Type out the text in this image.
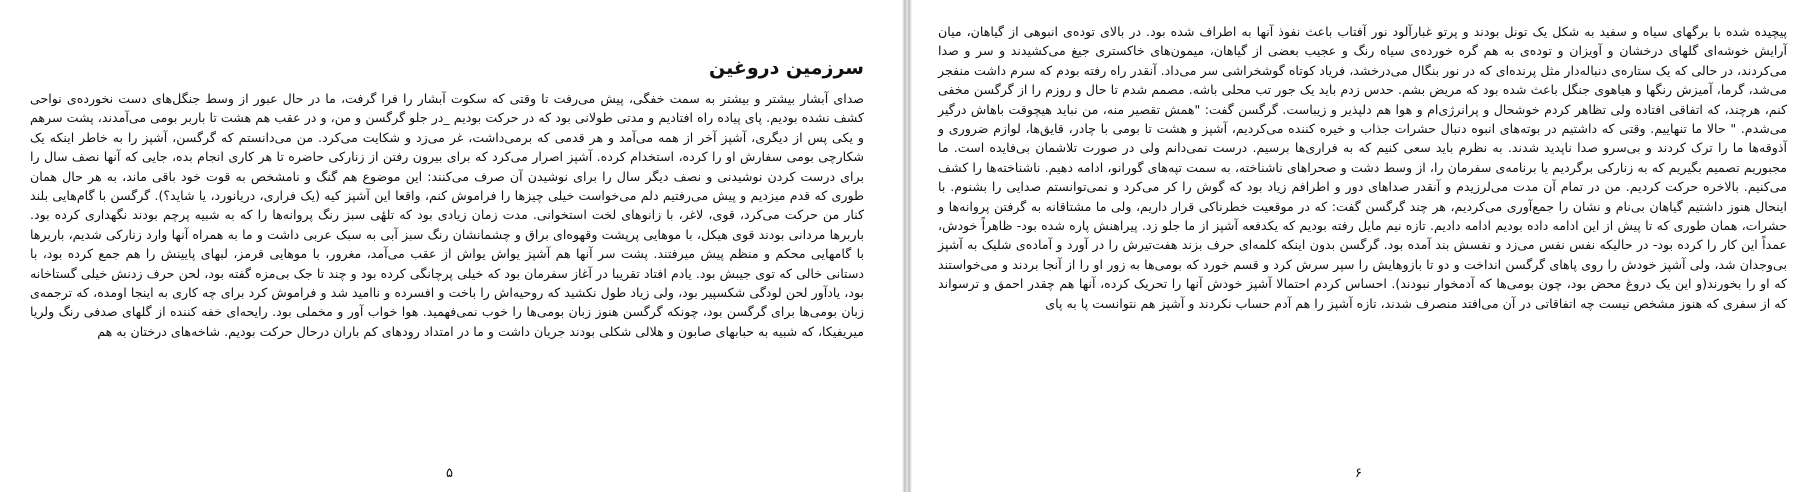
سرزمین دروغین

صدای آبشار بیشتر و بیشتر به سمت خفگی، پیش می‌رفت تا وقتی که سکوت آبشار را فرا گرفت، ما در حال عبور از وسط جنگل‌های دست نخورده‌ی نواحی کشف نشده بودیم. پای پیاده راه افتادیم و مدتی طولانی بود که در حرکت بودیم _در جلو گرگسن و من، و در عقب هم هشت تا باربر بومی می‌آمدند، پشت سرهم و یکی پس از دیگری، آشپز آخر از همه می‌آمد و هر قدمی که برمی‌داشت، غر می‌زد و شکایت می‌کرد. من می‌دانستم که گرگسن، آشپز را به خاطر اینکه یک شکارچی بومی سفارش او را کرده، استخدام کرده. آشپز اصرار می‌کرد که برای بیرون رفتن از زنارکی حاضره تا هر کاری انجام بده، جایی که آنها نصف سال را برای درست کردن نوشیدنی و نصف دیگر سال را برای نوشیدن آن صرف می‌کنند: این موضوع هم گنگ و نامشخص به قوت خود باقی ماند، به هر حال همان طوری که قدم میزدیم و پیش می‌رفتیم دلم می‌خواست خیلی چیزها را فراموش کنم، واقعا این آشپز کیه (یک فراری، دریانورد، یا شاید؟). گرگسن با گام‌هایی بلند کنار من حرکت می‌کرد، قوی، لاغر، با زانوهای لخت استخوانی. مدت زمان زیادی بود که تلهٔی سبز رنگ پروانه‌ها را که به شبیه پرچم بودند نگهداری کرده بود. باربرها مردانی بودند قوی هیکل، با موهایی پرپشت وقهوه‌ای براق و چشمانشان رنگ سبز آبی به سبک عربی داشت و ما به همراه آنها وارد زنارکی شدیم، باربرها با گامهایی محکم و منظم پیش میرفتند. پشت سر آنها هم آشپز یواش یواش از عقب می‌آمد، مغرور، با موهایی قرمز، لبهای پایینش را هم جمع کرده بود، با دستانی خالی که توی جیبش بود. یادم افتاد تقریبا در آغاز سفرمان بود که خیلی پرچانگی کرده بود و چند تا جک بی‌مزه گفته بود، لحن حرف زدنش خیلی گستاخانه بود، یادآور لحن لودگی شکسپیر بود، ولی زیاد طول نکشید که روحیه‌اش را باخت و افسرده و ناامید شد و فراموش کرد برای چه کاری به اینجا اومده، که ترجمه‌ی زبان بومی‌ها برای گرگسن بود، چونکه گرگسن هنوز زبان بومی‌ها را خوب نمی‌فهمید. هوا خواب آور و مخملی بود. رایحه‌ای خفه کننده از گلهای صدفی رنگ ولریا میریفیکا، که شبیه به حبابهای صابون و هلالی شکلی بودند جریان داشت و ما در امتداد رودهای کم باران درحال حرکت بودیم. شاخه‌های درختان به هم

۵

پیچیده شده با برگهای سیاه و سفید به شکل یک تونل بودند و پرتو غبارآلود نور آفتاب باعث نفوذ آنها به اطراف شده بود. در بالای توده‌ی انبوهی از گیاهان، میان آرایش خوشه‌ای گلهای درخشان و آویزان و توده‌ی به هم گره خورده‌ی سیاه رنگ و عجیب بعضی از گیاهان، میمون‌های خاکستری جیغ می‌کشیدند و سر و صدا می‌کردند، در حالی که یک ستاره‌ی دنباله‌دار مثل پرنده‌ای که در نور بنگال می‌درخشد، فریاد کوتاه گوشخراشی سر می‌داد. آنقدر راه رفته بودم که سرم داشت منفجر می‌شد، گرما، آمیزش رنگها و هیاهوی جنگل باعث شده بود که مریض بشم. حدس زدم باید یک جور تب محلی باشه. مصمم شدم تا حال و روزم را از گرگسن مخفی کنم، هرچند، که اتفاقی افتاده ولی تظاهر کردم خوشحال و پرانرژی‌ام و هوا هم دلپذیر و زیباست. گرگسن گفت: "همش تقصیر منه، من نباید هیچوقت باهاش درگیر می‌شدم. " حالا ما تنهاییم. وقتی که داشتیم در بوته‌های انبوه دنبال حشرات جذاب و خیره کننده می‌کردیم، آشپز و هشت تا بومی با چادر، قایق‌ها، لوازم ضروری و آذوقه‌ها ما را ترک کردند و بی‌سرو صدا ناپدید شدند. به نظرم باید سعی کنیم که به فراری‌ها برسیم. درست نمی‌دانم ولی در صورت تلاشمان بی‌فایده است. ما مجبوریم تصمیم بگیریم که به زنارکی برگردیم یا برنامه‌ی سفرمان را، از وسط دشت و صحراهای ناشناخته، به سمت تپه‌های گورانو، ادامه دهیم. ناشناخته‌ها را کشف می‌کنیم. بالاخره حرکت کردیم. من در تمام آن مدت می‌لرزیدم و آنقدر صداهای دور و اطرافم زیاد بود که گوش را کر می‌کرد و نمی‌توانستم صدایی را بشنوم. با اینحال هنوز داشتیم گیاهان بی‌نام و نشان را جمع‌آوری می‌کردیم، هر چند گرگسن گفت: که در موقعیت خطرناکی قرار داریم، ولی ما مشتاقانه به گرفتن پروانه‌ها و حشرات، همان طوری که تا پیش از این ادامه داده بودیم ادامه دادیم. تازه نیم مایل رفته بودیم که یکدفعه آشپز از ما جلو زد. پیراهنش پاره شده بود- ظاهراً خودش، عمداً این کار را کرده بود- در حالیکه نفس نفس می‌زد و نفسش بند آمده بود. گرگسن بدون اینکه کلمه‌ای حرف بزند هفت‌تیرش را در آورد و آماده‌ی شلیک به آشپز بی‌وجدان شد، ولی آشپز خودش را روی پاهای گرگسن انداخت و دو تا بازوهایش را سپر سرش کرد و قسم خورد که بومی‌ها به زور او را از آنجا بردند و می‌خواستند که او را بخورند(و این یک دروغ محض بود، چون بومی‌ها که آدمخوار نبودند). احساس کردم احتمالا آشپز خودش آنها را تحریک کرده، آنها هم چقدر احمق و ترسواند که از سفری که هنوز مشخص نیست چه اتفاقاتی در آن می‌افتد منصرف شدند، تازه آشپز را هم آدم حساب نکردند و آشپز هم نتوانست پا به پای

۶
